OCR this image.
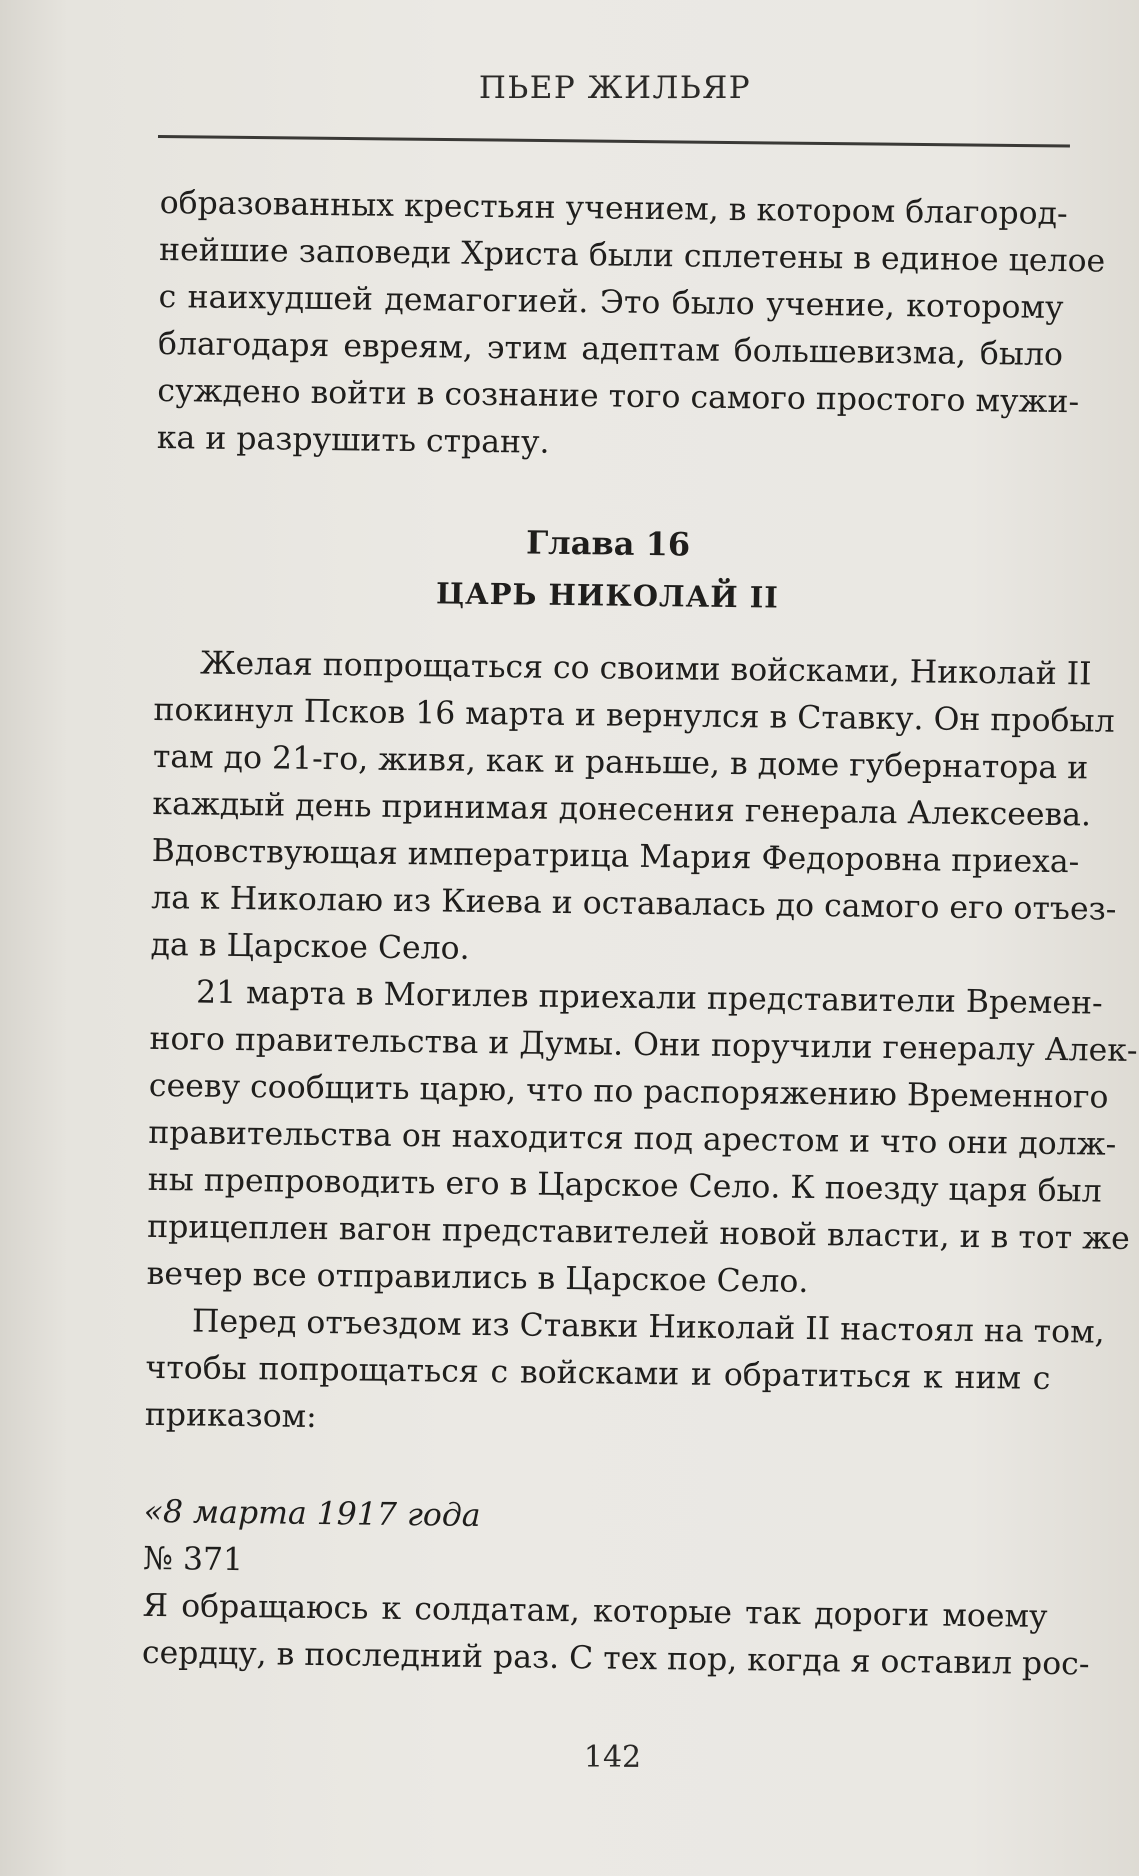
ПЬЕР ЖИЛЬЯР
образованных крестьян учением, в котором благород-
нейшие заповеди Христа были сплетены в единое целое
с наихудшей демагогией. Это было учение, которому
благодаря евреям, этим адептам большевизма, было
суждено войти в сознание того самого простого мужи-
ка и разрушить страну.
Глава 16
ЦАРЬ НИКОЛАЙ II
Желая попрощаться со своими войсками, Николай II
покинул Псков 16 марта и вернулся в Ставку. Он пробыл
там до 21-го, живя, как и раньше, в доме губернатора и
каждый день принимая донесения генерала Алексеева.
Вдовствующая императрица Мария Федоровна приеха-
ла к Николаю из Киева и оставалась до самого его отъез-
да в Царское Село.
21 марта в Могилев приехали представители Времен-
ного правительства и Думы. Они поручили генералу Алек-
сееву сообщить царю, что по распоряжению Временного
правительства он находится под арестом и что они долж-
ны препроводить его в Царское Село. К поезду царя был
прицеплен вагон представителей новой власти, и в тот же
вечер все отправились в Царское Село.
Перед отъездом из Ставки Николай II настоял на том,
чтобы попрощаться с войсками и обратиться к ним с
приказом:
«8 марта 1917 года
№ 371
Я обращаюсь к солдатам, которые так дороги моему
сердцу, в последний раз. С тех пор, когда я оставил рос-
142
